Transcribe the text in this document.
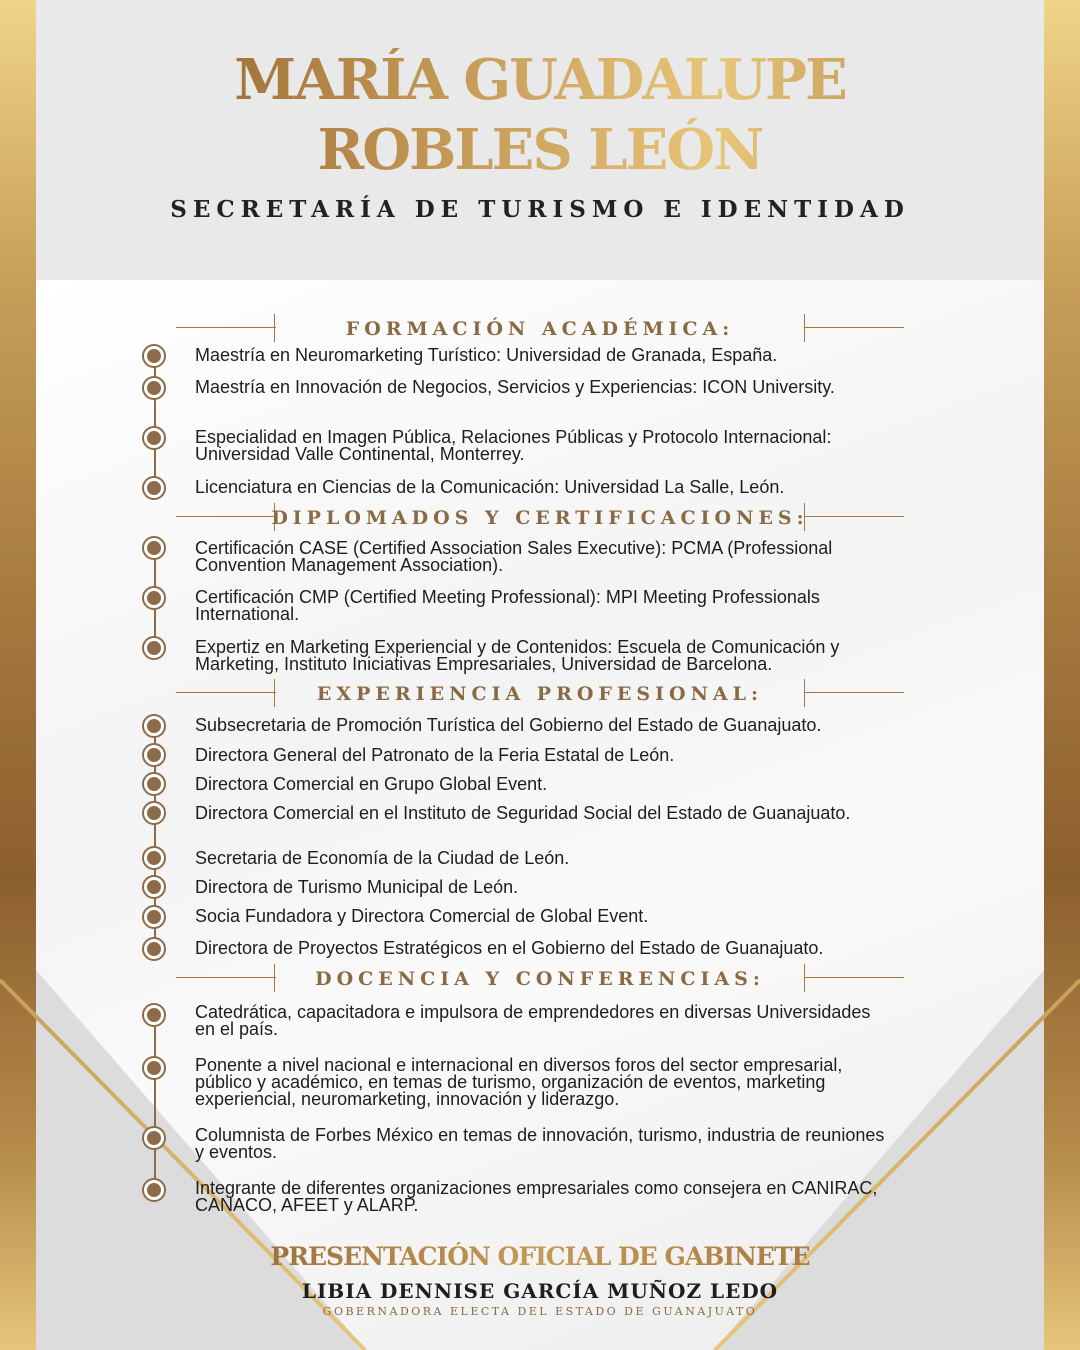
MARÍA GUADALUPE
ROBLES LEÓN
SECRETARÍA DE TURISMO E IDENTIDAD
FORMACIÓN ACADÉMICA:
Maestría en Neuromarketing Turístico: Universidad de Granada, España.
Maestría en Innovación de Negocios, Servicios y Experiencias: ICON University.
Especialidad en Imagen Pública, Relaciones Públicas y Protocolo Internacional: Universidad Valle Continental, Monterrey.
Licenciatura en Ciencias de la Comunicación: Universidad La Salle, León.
DIPLOMADOS Y CERTIFICACIONES:
Certificación CASE (Certified Association Sales Executive): PCMA (Professional Convention Management Association).
Certificación CMP (Certified Meeting Professional): MPI Meeting Professionals International.
Expertiz en Marketing Experiencial y de Contenidos: Escuela de Comunicación y Marketing, Instituto Iniciativas Empresariales, Universidad de Barcelona.
EXPERIENCIA PROFESIONAL:
Subsecretaria de Promoción Turística del Gobierno del Estado de Guanajuato.
Directora General del Patronato de la Feria Estatal de León.
Directora Comercial en Grupo Global Event.
Directora Comercial en el Instituto de Seguridad Social del Estado de Guanajuato.
Secretaria de Economía de la Ciudad de León.
Directora de Turismo Municipal de León.
Socia Fundadora y Directora Comercial de Global Event.
Directora de Proyectos Estratégicos en el Gobierno del Estado de Guanajuato.
DOCENCIA Y CONFERENCIAS:
Catedrática, capacitadora e impulsora de emprendedores en diversas Universidades en el país.
Ponente a nivel nacional e internacional en diversos foros del sector empresarial, público y académico, en temas de turismo, organización de eventos, marketing experiencial, neuromarketing, innovación y liderazgo.
Columnista de Forbes México en temas de innovación, turismo, industria de reuniones y eventos.
Integrante de diferentes organizaciones empresariales como consejera en CANIRAC, CANACO, AFEET y ALARP.
PRESENTACIÓN OFICIAL DE GABINETE
LIBIA DENNISE GARCÍA MUÑOZ LEDO
GOBERNADORA ELECTA DEL ESTADO DE GUANAJUATO
